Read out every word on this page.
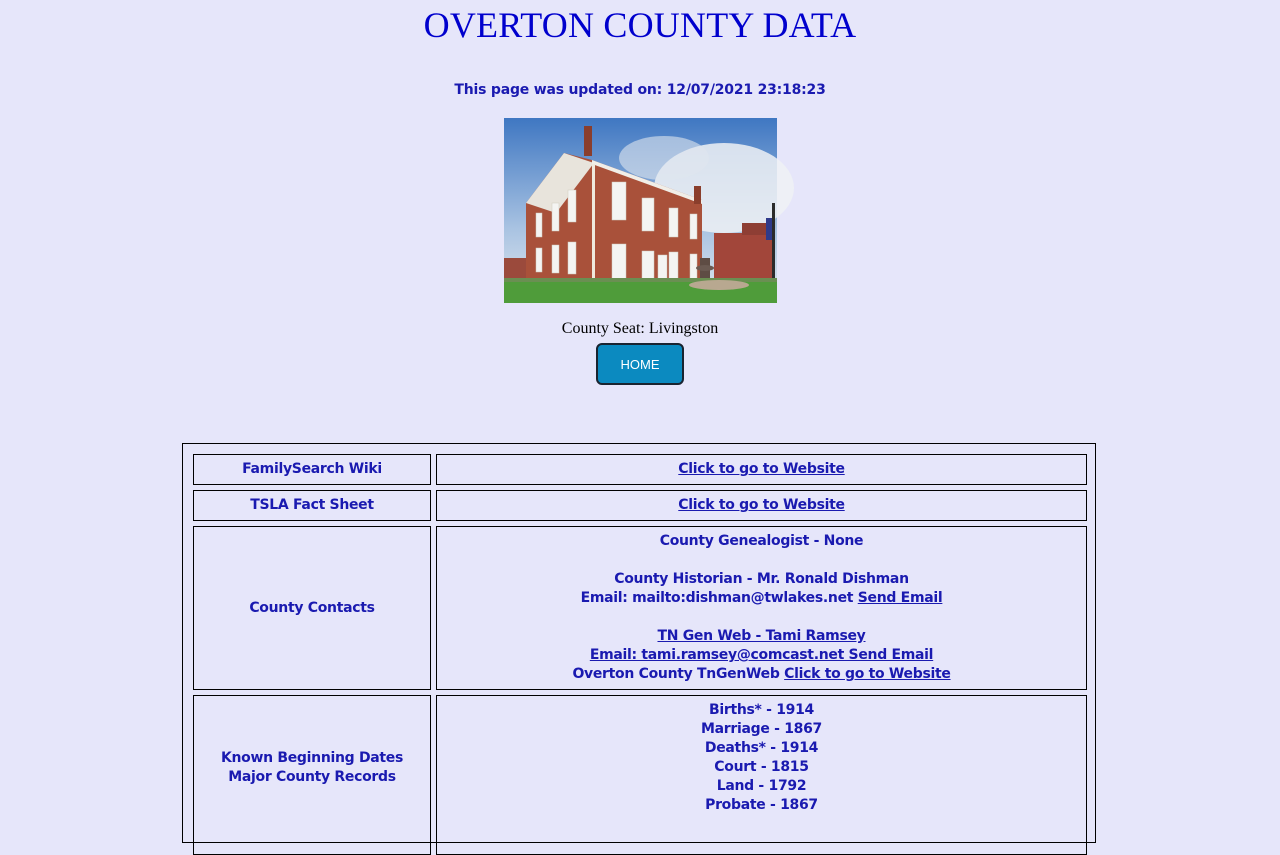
OVERTON COUNTY DATA
This page was updated on: 12/07/2021 23:18:23
County Seat: Livingston
HOME
FamilySearch Wiki	Click to go to Website
TSLA Fact Sheet	Click to go to Website
County Contacts
County Genealogist - None
County Historian - Mr. Ronald Dishman
Email: mailto:dishman@twlakes.net Send Email
TN Gen Web - Tami Ramsey
Email: tami.ramsey@comcast.net Send Email
Overton County TnGenWeb Click to go to Website
Known Beginning Dates
Major County Records
Births* - 1914
Marriage - 1867
Deaths* - 1914
Court - 1815
Land - 1792
Probate - 1867
